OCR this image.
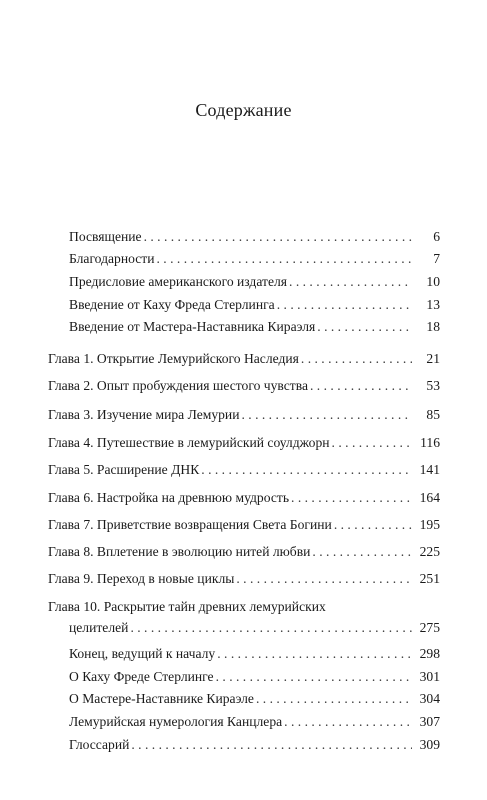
Содержание
Посвящение . . .	6
Благодарности . . .	7
Предисловие американского издателя . . .	10
Введение от Каху Фреда Стерлинга . . .	13
Введение от Мастера-Наставника Кираэля . . .	18
Глава 1. Открытие Лемурийского Наследия . . .	21
Глава 2. Опыт пробуждения шестого чувства . . .	53
Глава 3. Изучение мира Лемурии . . .	85
Глава 4. Путешествие в лемурийский соулджорн . . .	116
Глава 5. Расширение ДНК . . .	141
Глава 6. Настройка на древнюю мудрость . . .	164
Глава 7. Приветствие возвращения Света Богини . . .	195
Глава 8. Вплетение в эволюцию нитей любви . . .	225
Глава 9. Переход в новые циклы . . .	251
Глава 10. Раскрытие тайн древних лемурийских
целителей . . .	275
Конец, ведущий к началу . . .	298
О Каху Фреде Стерлинге . . .	301
О Мастере-Наставнике Кираэле . . .	304
Лемурийская нумерология Канцлера . . .	307
Глоссарий . . .	309
